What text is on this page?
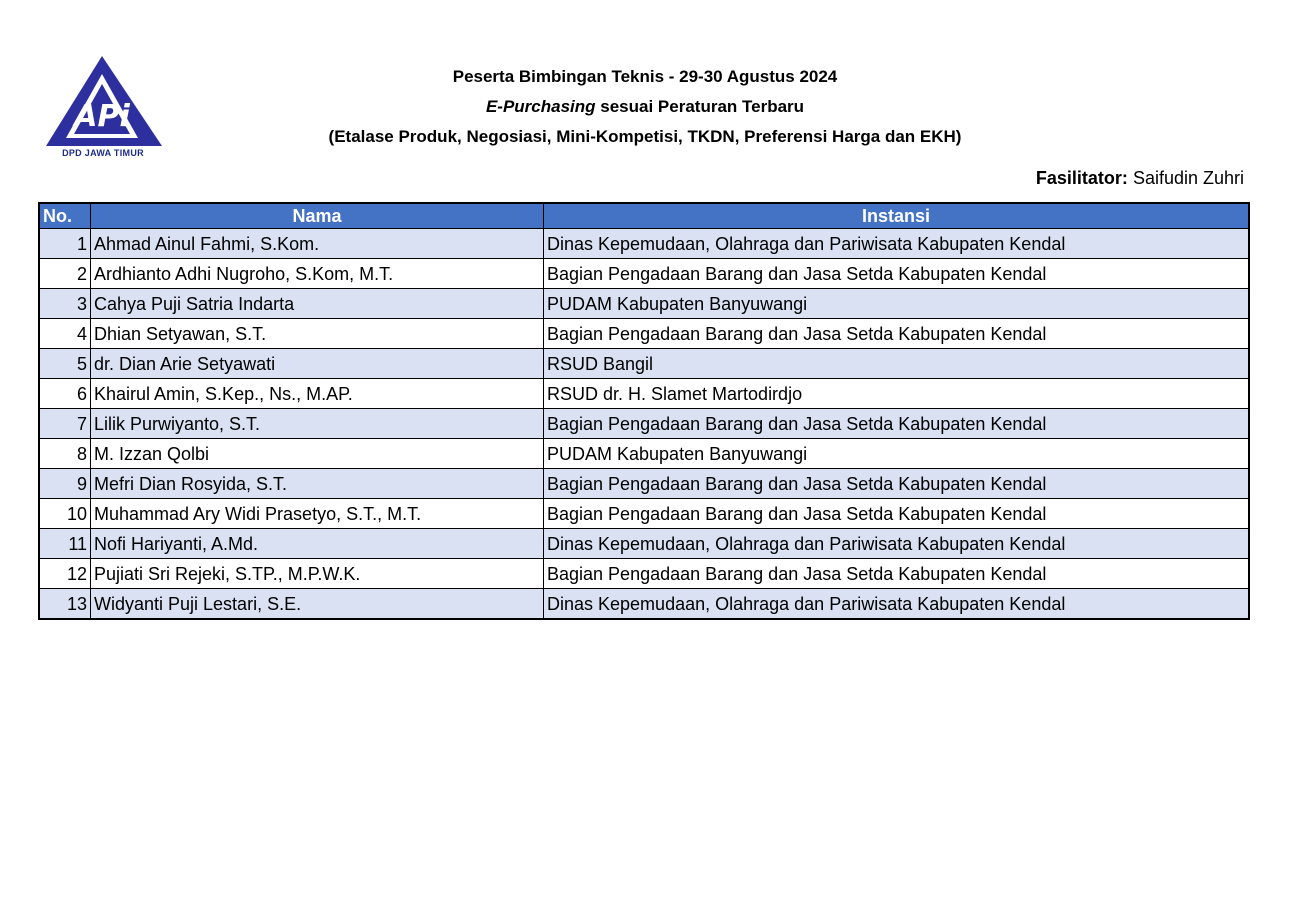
APi
DPD JAWA TIMUR
Peserta Bimbingan Teknis - 29-30 Agustus 2024
E-Purchasing sesuai Peraturan Terbaru
(Etalase Produk, Negosiasi, Mini-Kompetisi, TKDN, Preferensi Harga dan EKH)
Fasilitator: Saifudin Zuhri
No.	Nama	Instansi
1	Ahmad Ainul Fahmi, S.Kom.	Dinas Kepemudaan, Olahraga dan Pariwisata Kabupaten Kendal
2	Ardhianto Adhi Nugroho, S.Kom, M.T.	Bagian Pengadaan Barang dan Jasa Setda Kabupaten Kendal
3	Cahya Puji Satria Indarta	PUDAM Kabupaten Banyuwangi
4	Dhian Setyawan, S.T.	Bagian Pengadaan Barang dan Jasa Setda Kabupaten Kendal
5	dr. Dian Arie Setyawati	RSUD Bangil
6	Khairul Amin, S.Kep., Ns., M.AP.	RSUD dr. H. Slamet Martodirdjo
7	Lilik Purwiyanto, S.T.	Bagian Pengadaan Barang dan Jasa Setda Kabupaten Kendal
8	M. Izzan Qolbi	PUDAM Kabupaten Banyuwangi
9	Mefri Dian Rosyida, S.T.	Bagian Pengadaan Barang dan Jasa Setda Kabupaten Kendal
10	Muhammad Ary Widi Prasetyo, S.T., M.T.	Bagian Pengadaan Barang dan Jasa Setda Kabupaten Kendal
11	Nofi Hariyanti, A.Md.	Dinas Kepemudaan, Olahraga dan Pariwisata Kabupaten Kendal
12	Pujiati Sri Rejeki, S.TP., M.P.W.K.	Bagian Pengadaan Barang dan Jasa Setda Kabupaten Kendal
13	Widyanti Puji Lestari, S.E.	Dinas Kepemudaan, Olahraga dan Pariwisata Kabupaten Kendal
